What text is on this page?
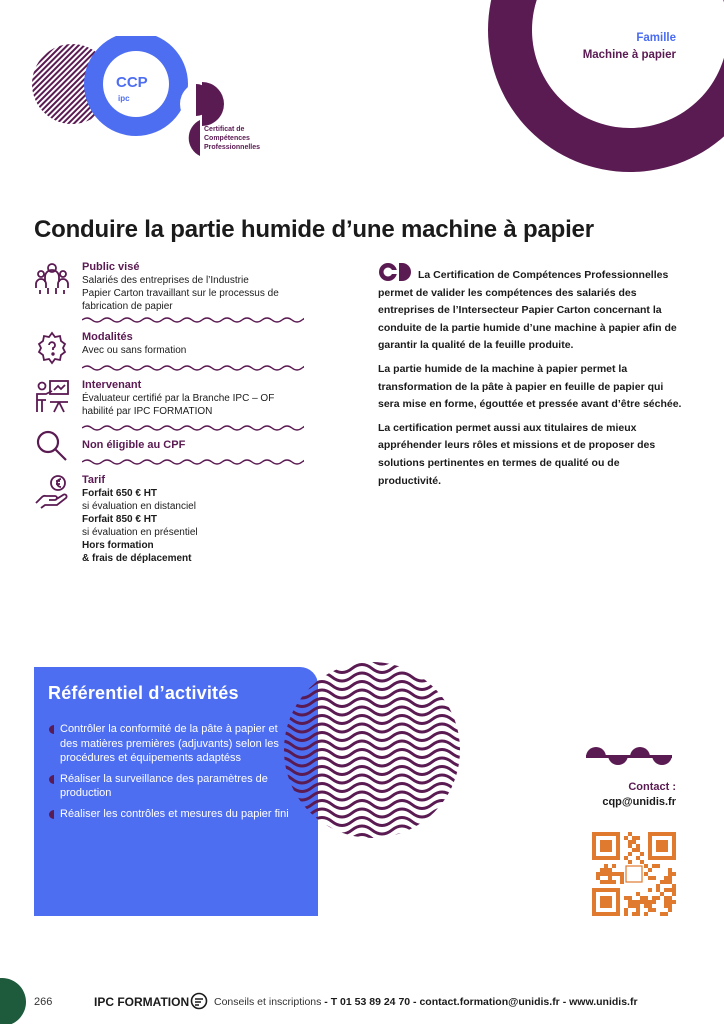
CCP
ipc
Certificat de
Compétences
Professionnelles
Famille
Machine à papier
Conduire la partie humide d’une machine à papier
Public visé
Salariés des entreprises de l’Industrie
Papier Carton travaillant sur le processus de
fabrication de papier
Modalités
Avec ou sans formation
Intervenant
Évaluateur certifié par la Branche IPC – OF
habilité par IPC FORMATION
Non éligible au CPF
Tarif
Forfait 650 € HT
si évaluation en distanciel
Forfait 850 € HT
si évaluation en présentiel
Hors formation
& frais de déplacement

La Certification de Compétences Professionnelles permet de valider les compétences des salariés des entreprises de l’Intersecteur Papier Carton concernant la conduite de la partie humide d’une machine à papier afin de garantir la qualité de la feuille produite.

La partie humide de la machine à papier permet la transformation de la pâte à papier en feuille de papier qui sera mise en forme, égouttée et pressée avant d’être séchée.

La certification permet aussi aux titulaires de mieux appréhender leurs rôles et missions et de proposer des solutions pertinentes en termes de qualité ou de productivité.

Référentiel d’activités
Contrôler la conformité de la pâte à papier et des matières premières (adjuvants) selon les procédures et équipements adaptéss
Réaliser la surveillance des paramètres de production
Réaliser les contrôles et mesures du papier fini
Contact :
cqp@unidis.fr
266	IPC FORMATION Conseils et inscriptions - T 01 53 89 24 70 - contact.formation@unidis.fr - www.unidis.fr
